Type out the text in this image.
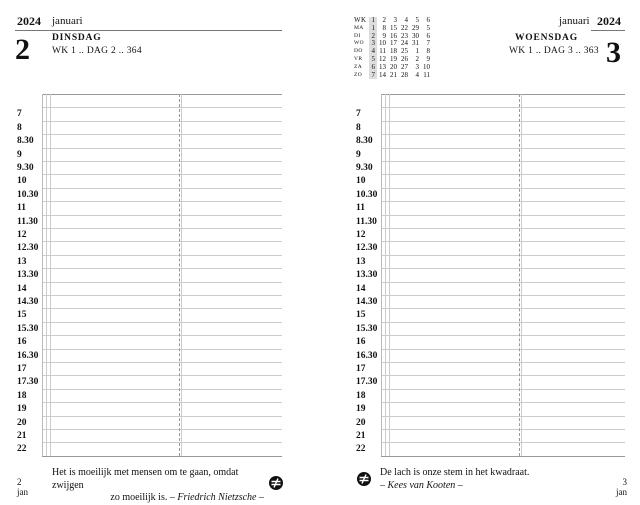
2024 januari
2 DINSDAG
WK 1 .. DAG 2 .. 364
7
8
8.30
9
9.30
10
10.30
11
11.30
12
12.30
13
13.30
14
14.30
15
15.30
16
16.30
17
17.30
18
19
20
21
22
Het is moeilijk met mensen om te gaan, omdat zwijgen
zo moeilijk is. – Friedrich Nietzsche –
2
jan
WK	1	2	3	4	5	6
MA	1	8	15	22	29	5
DI	2	9	16	23	30	6
WO	3	10	17	24	31	7
DO	4	11	18	25	1	8
VR	5	12	19	26	2	9
ZA	6	13	20	27	3	10
ZO	7	14	21	28	4	11
januari 2024
WOENSDAG
WK 1 .. DAG 3 .. 363 3
7
8
8.30
9
9.30
10
10.30
11
11.30
12
12.30
13
13.30
14
14.30
15
15.30
16
16.30
17
17.30
18
19
20
21
22
De lach is onze stem in het kwadraat.
– Kees van Kooten –	3
jan
